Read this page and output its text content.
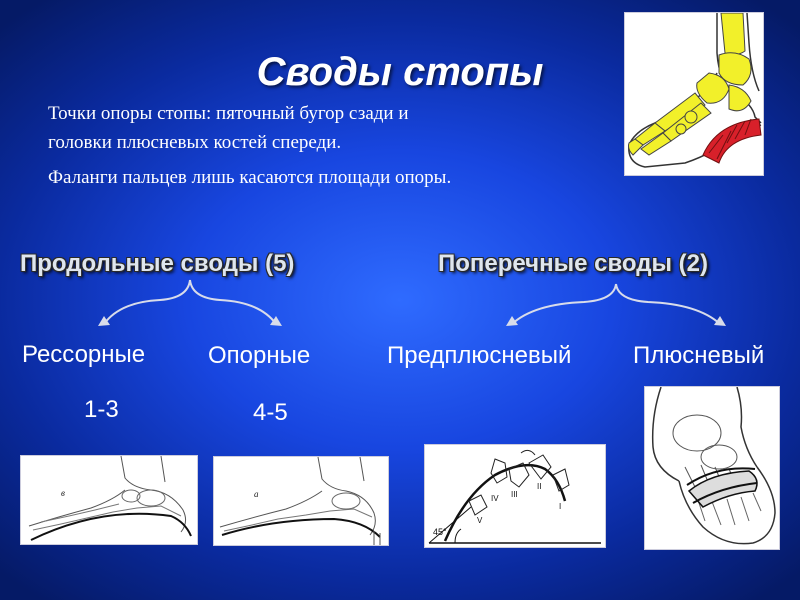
Своды стопы
Точки опоры стопы: пяточный бугор сзади и
головки плюсневых костей спереди.
Фаланги пальцев лишь касаются площади опоры.
Продольные своды (5)	Поперечные своды (2)
Рессорные	Опорные	Предплюсневый	Плюсневый
1-3	4-5
в	а
45°
V
IV III
II
I
